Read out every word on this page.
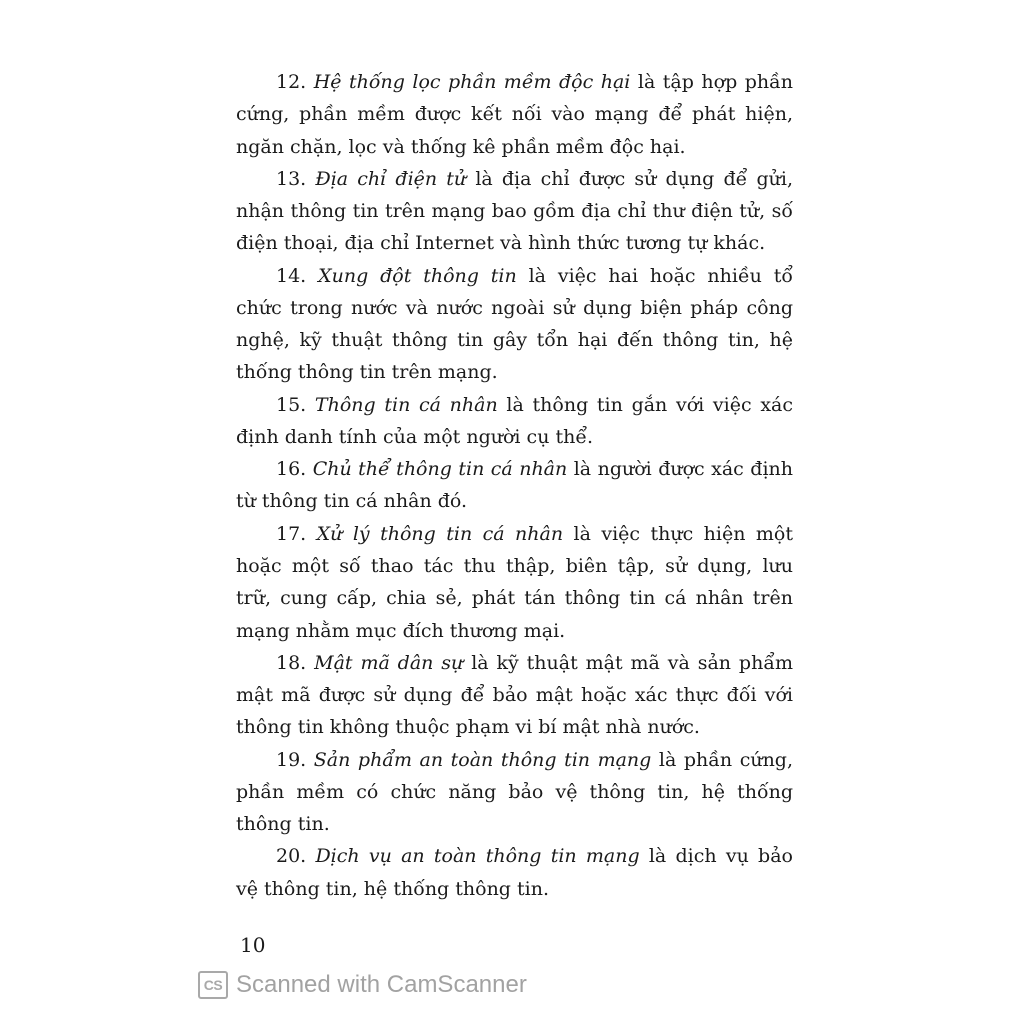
12. Hệ thống lọc phần mềm độc hại là tập hợp phần
cứng, phần mềm được kết nối vào mạng để phát hiện,
ngăn chặn, lọc và thống kê phần mềm độc hại.
13. Địa chỉ điện tử là địa chỉ được sử dụng để gửi,
nhận thông tin trên mạng bao gồm địa chỉ thư điện tử, số
điện thoại, địa chỉ Internet và hình thức tương tự khác.
14. Xung đột thông tin là việc hai hoặc nhiều tổ
chức trong nước và nước ngoài sử dụng biện pháp công
nghệ, kỹ thuật thông tin gây tổn hại đến thông tin, hệ
thống thông tin trên mạng.
15. Thông tin cá nhân là thông tin gắn với việc xác
định danh tính của một người cụ thể.
16. Chủ thể thông tin cá nhân là người được xác định
từ thông tin cá nhân đó.
17. Xử lý thông tin cá nhân là việc thực hiện một
hoặc một số thao tác thu thập, biên tập, sử dụng, lưu
trữ, cung cấp, chia sẻ, phát tán thông tin cá nhân trên
mạng nhằm mục đích thương mại.
18. Mật mã dân sự là kỹ thuật mật mã và sản phẩm
mật mã được sử dụng để bảo mật hoặc xác thực đối với
thông tin không thuộc phạm vi bí mật nhà nước.
19. Sản phẩm an toàn thông tin mạng là phần cứng,
phần mềm có chức năng bảo vệ thông tin, hệ thống
thông tin.
20. Dịch vụ an toàn thông tin mạng là dịch vụ bảo
vệ thông tin, hệ thống thông tin.
10
CS Scanned with CamScanner
